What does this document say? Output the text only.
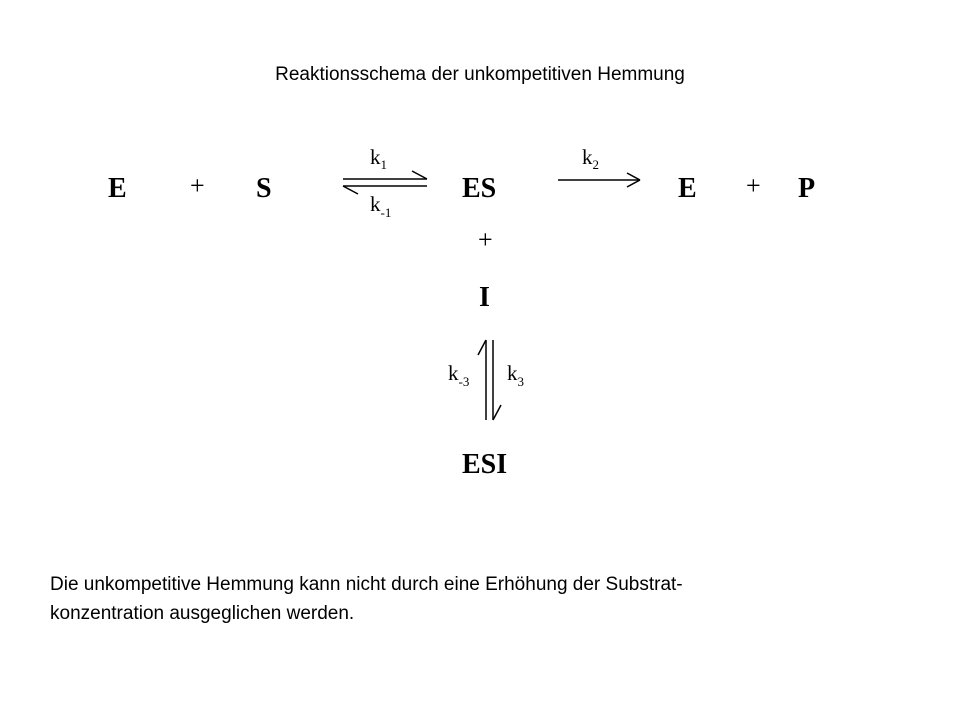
Reaktionsschema der unkompetitiven Hemmung
E + S
$k_1$
$k_{-1}$
ES
$k_2$
E + P
+
I
$k_{-3}$ $k_3$
ESI
Die unkompetitive Hemmung kann nicht durch eine Erhöhung der Substrat-
konzentration ausgeglichen werden.
